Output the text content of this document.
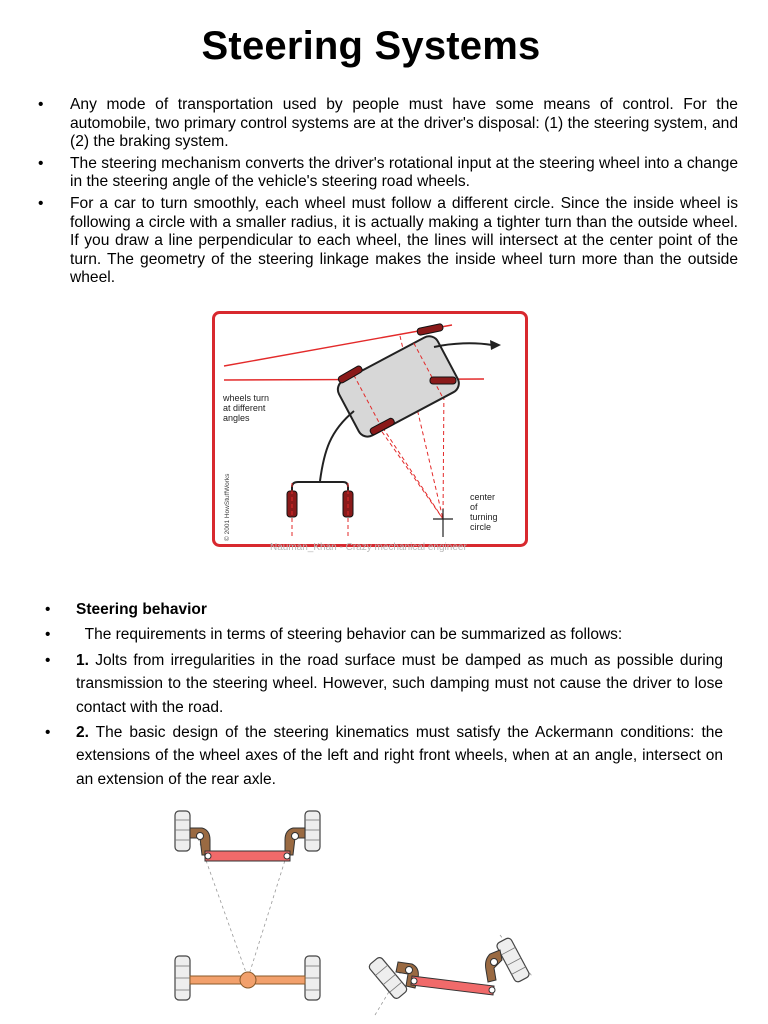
Steering Systems
• Any mode of transportation used by people must have some means of control. For the automobile, two primary control systems are at the driver's disposal: (1) the steering system, and (2) the braking system.
• The steering mechanism converts the driver's rotational input at the steering wheel into a change in the steering angle of the vehicle's steering road wheels.
• For a car to turn smoothly, each wheel must follow a different circle. Since the inside wheel is following a circle with a smaller radius, it is actually making a tighter turn than the outside wheel. If you draw a line perpendicular to each wheel, the lines will intersect at the center point of the turn. The geometry of the steering linkage makes the inside wheel turn more than the outside wheel.
wheels turn at different angles
center of turning circle
© 2001 HowStuffWorks
Nauman_Khan - Crazy mechanical engineer
• Steering behavior
• The requirements in terms of steering behavior can be summarized as follows:
• 1. Jolts from irregularities in the road surface must be damped as much as possible during transmission to the steering wheel. However, such damping must not cause the driver to lose contact with the road.
• 2. The basic design of the steering kinematics must satisfy the Ackermann conditions: the extensions of the wheel axes of the left and right front wheels, when at an angle, intersect on an extension of the rear axle.
